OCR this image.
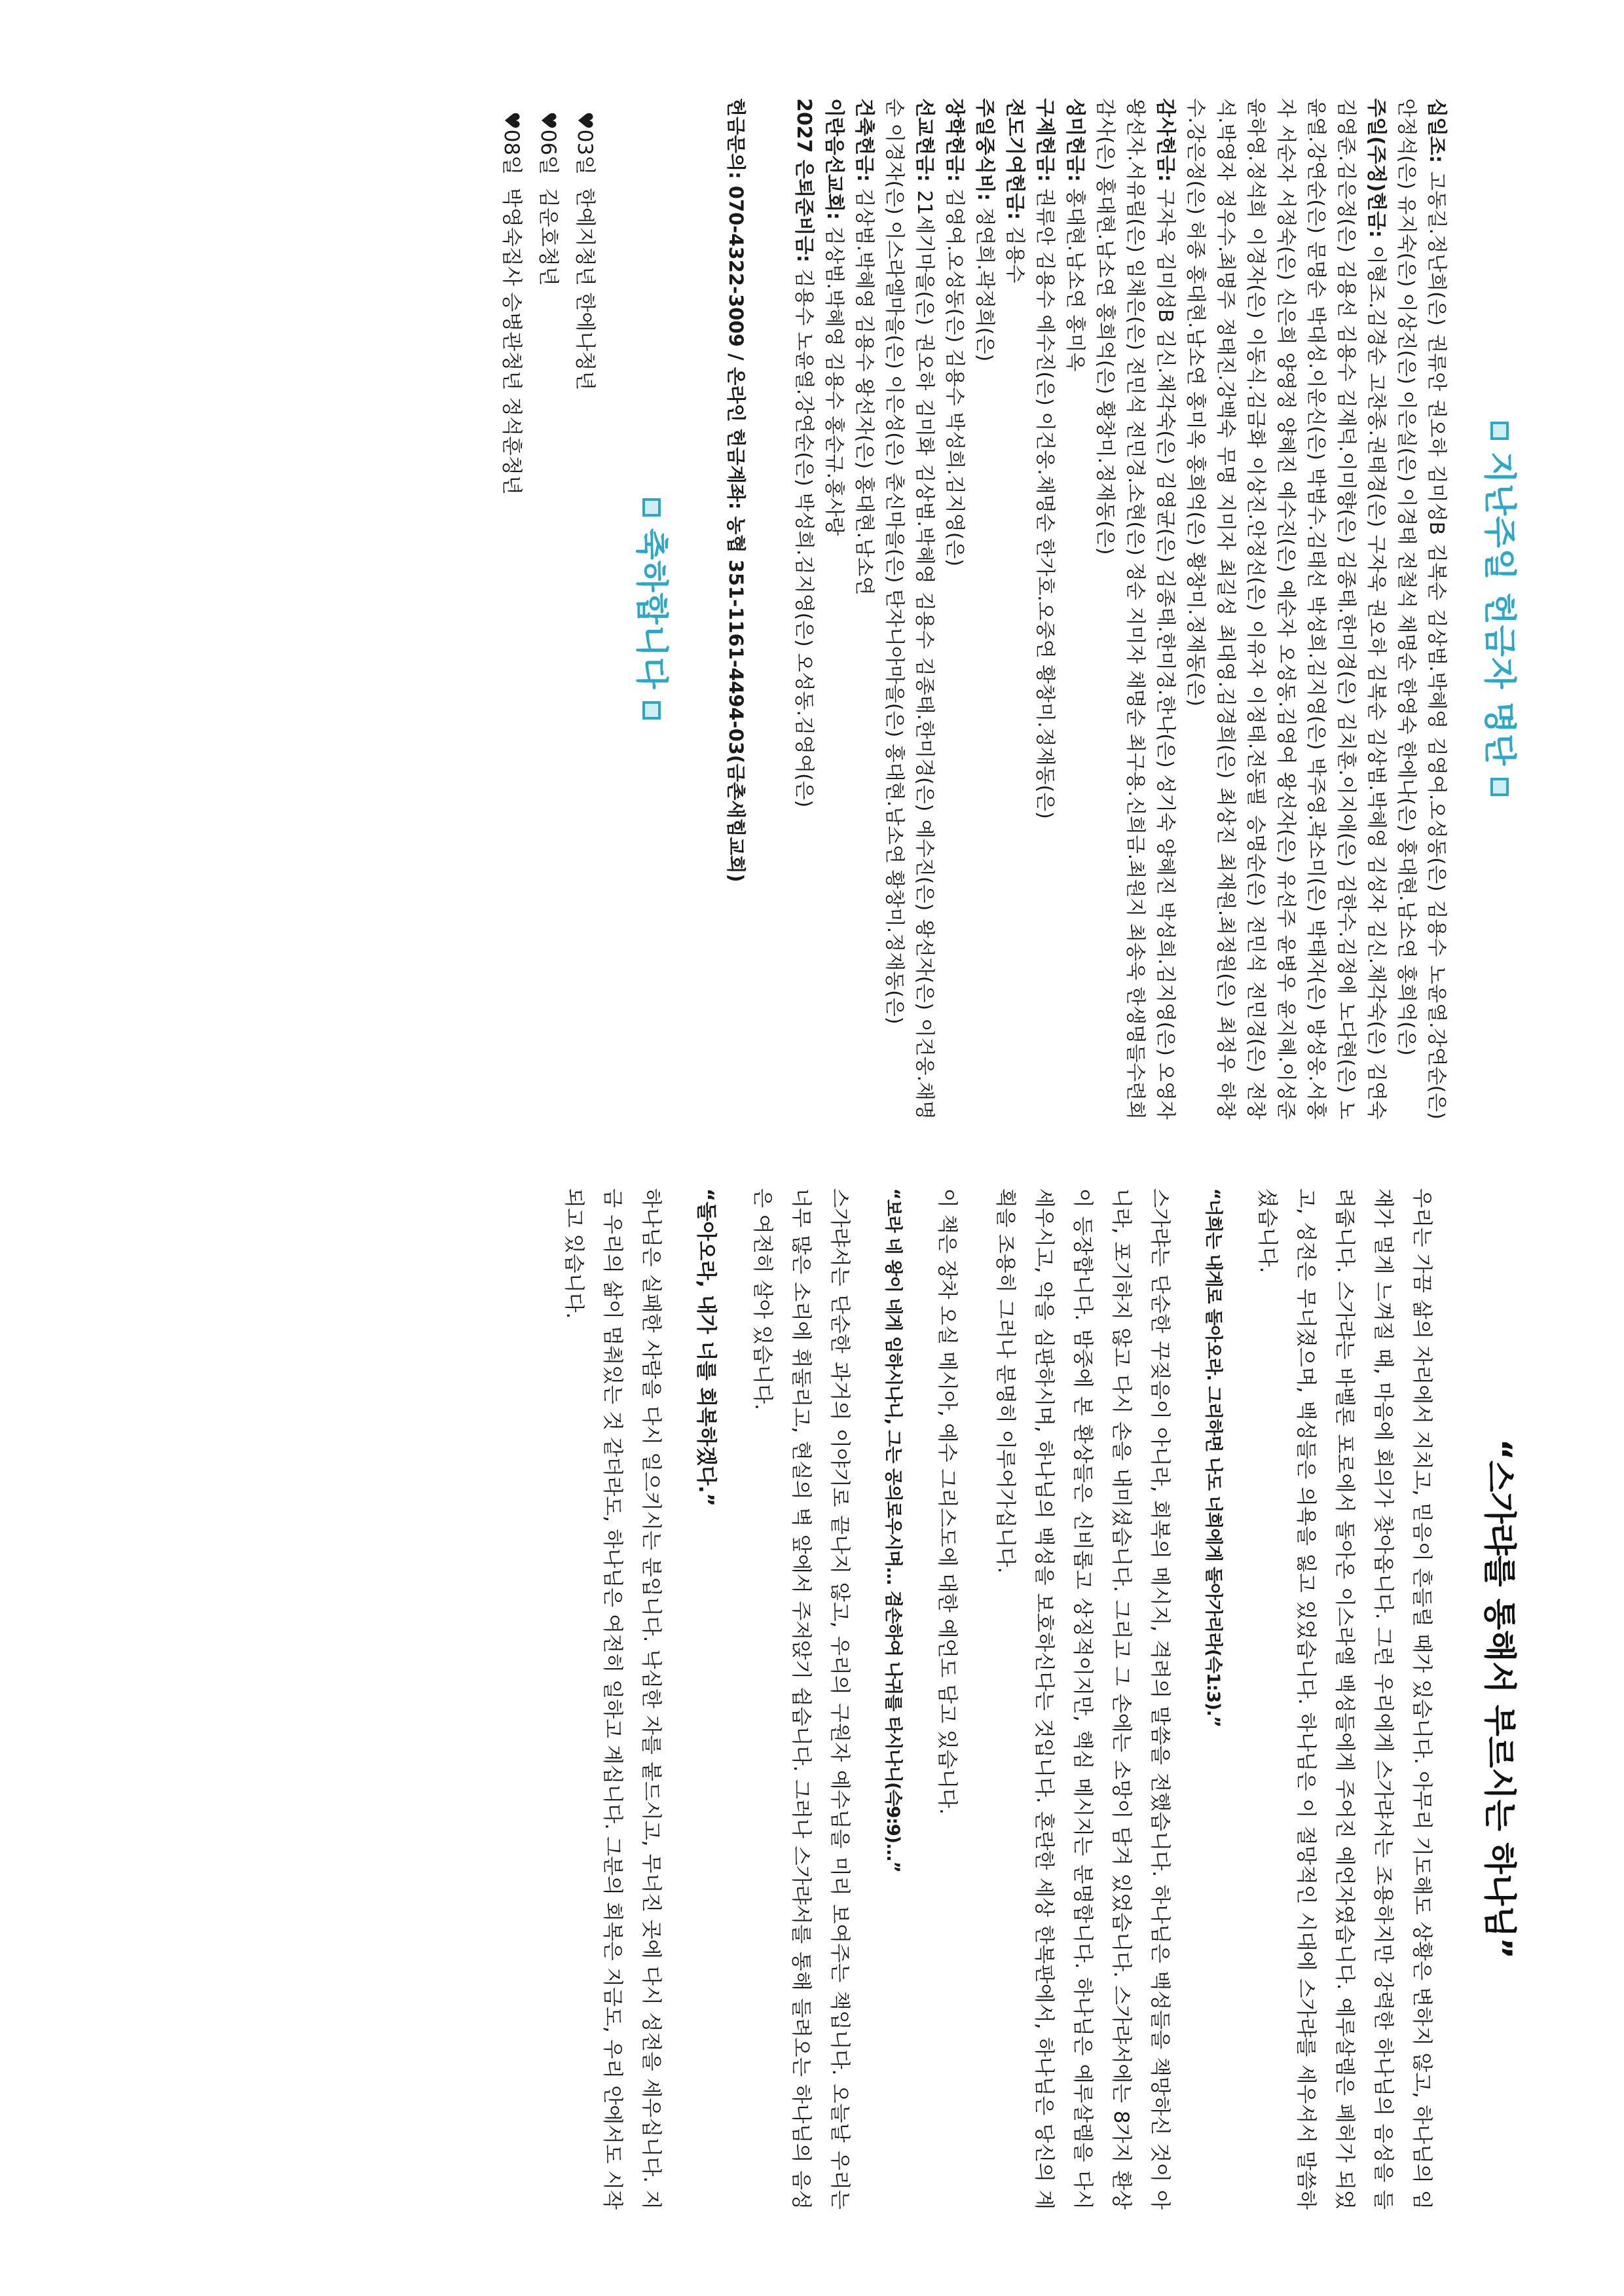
지난주일 헌금자 명단

십일조: 고동길.정난희(은) 권류안 권오하 김미성B 김복순 김상범.박혜영 김영여.오성동(은) 김용수 노윤열.강연순(은) 안정석(은) 유지숙(은) 이상진(은) 이은실(은) 이경태 전철석 채명순 한영숙 한에나(은) 홍대현.남소연 홍희억(은)

주일(주정)헌금: 이형조.김경순 고찬종.권태경(은) 구자욱 권오하 김복순 김상범.박혜영 김성자 김신.채각숙(은) 김연숙 김영준.김은정(은) 김용선 김용수 김재덕.이미향(은) 김종태.한미경(은) 김치훈.이지애(은) 김한수.김정애 노다현(은) 노윤열.강연순(은) 문명순 박대성.이운신(은) 박범수.김태선 박성희.김지영(은) 박주영.곽소미(은) 박태자(은) 방성웅.서홍자 서순자 서정숙(은) 신은희 양영정 양혜진 예수진(은) 예순자 오성동.김영여 왕선자(은) 유선주 윤병우 윤지혜.이성준 윤하영.정석희 이경자(은) 이동식.김금화 이상진.안정선(은) 이유자 이정태.전동필 승명순(은) 전민석 전민경(은) 전창석.박영자 정우수.최명주 정태진.강백숙 무명 지미자 최길성 최대영.김경희(은) 최상진 최재원.최정원(은) 최정우 하창수.강은정(은) 허종 홍대현.남소연 홍미옥 홍희억(은) 황창미.정재동(은)

감사헌금: 구자욱 김미성B 김신.채각숙(은) 김영균(은) 김종태.한미경.한나(은) 성기숙 양혜진 박성희.김지영(은) 오영자 왕선자.서유림(은) 임채은(은) 전민석 전민경.소현(은) 정순 지미자 채명순 최구용.신희금.최원지 최송욱 한생명들수련회감사(은) 홍대현.남소연 홍희억(은) 황창미.정재동(은)

성미헌금: 홍대현.남소연 홍미옥

구제헌금: 권류안 김용수 예수진(은) 이건웅.채명순 한가호.오중연 황창미.정재동(은)

전도기여헌금: 김용수

주일중식비: 정연희.곽정희(은)

장학헌금: 김영여.오성동(은) 김용수 박성희.김지영(은)

선교헌금: 21세기마을(은) 권오하 김미화 김상범.박혜영 김용수 김종태.한미경(은) 예수진(은) 왕선자(은) 이건웅.채명순 이경자(은) 이스라엘마을(은) 이은성(은) 춘신마을(은) 탄자니아마을(은) 홍대현.남소연 황창미.정재동(은)

건축헌금: 김상범.박혜영 김용수 왕선자(은) 홍대현.남소연

이란음선교회: 김상범.박혜영 김용수 홍순규.홍사랑

2027 은퇴준비금: 김용수 노윤열.강연순(은) 박성희.김지영(은) 오성동.김영여(은)

헌금문의: 070-4322-3009 / 온라인 헌금계좌: 농협 351-1161-4494-03(금촌새힘교회)

축하합니다
♥03일  한예지청년 한에나청년
♥06일  김운호청년
♥08일  박영숙집사 승병관청년 정석훈청년
“스가랴를 통해서 부르시는 하나님”

우리는 가끔 삶의 자리에서 지치고, 믿음이 흔들릴 때가 있습니다. 아무리 기도해도 상황은 변하지 않고, 하나님의 임재가 멀게 느껴질 때, 마음에 회의가 찾아옵니다. 그런 우리에게 스가랴서는 조용하지만 강력한 하나님의 음성을 들려줍니다. 스가랴는 바벨론 포로에서 돌아온 이스라엘 백성들에게 주어진 예언자였습니다. 예루살렘은 폐허가 되었고, 성전은 무너졌으며, 백성들은 의욕을 잃고 있었습니다. 하나님은 이 절망적인 시대에 스가랴를 세우셔서 말씀하셨습니다.

“너희는 내게로 돌아오라. 그리하면 나도 너희에게 돌아가리라(슥1:3).”

스가랴는 단순한 꾸짖음이 아니라, 회복의 메시지, 격려의 말씀을 전했습니다. 하나님은 백성들을 책망하신 것이 아니라, 포기하지 않고 다시 손을 내미셨습니다. 그리고 그 손에는 소망이 담겨 있었습니다. 스가랴서에는 8가지 환상이 등장합니다. 밤중에 본 환상들은 신비롭고 상징적이지만, 핵심 메시지는 분명합니다. 하나님은 예루살렘을 다시 세우시고, 악을 심판하시며, 하나님의 백성을 보호하신다는 것입니다. 혼란한 세상 한복판에서, 하나님은 당신의 계획을 조용히 그러나 분명히 이루어가십니다.

이 책은 장차 오실 메시아, 예수 그리스도에 대한 예언도 담고 있습니다.

“보라 네 왕이 네게 임하시나니, 그는 공의로우시며... 겸손하여 나귀를 타시나니(슥9:9)...”

스가랴서는 단순한 과거의 이야기로 끝나지 않고, 우리의 구원자 예수님을 미리 보여주는 책입니다. 오늘날 우리는 너무 많은 소리에 휘둘리고, 현실의 벽 앞에서 주저앉기 쉽습니다. 그러나 스가랴서를 통해 들려오는 하나님의 음성은 여전히 살아 있습니다.

“돌아오라, 내가 너를 회복하겠다.”

하나님은 실패한 사람을 다시 일으키시는 분입니다. 낙심한 자를 붙드시고, 무너진 곳에 다시 성전을 세우십니다. 지금 우리의 삶이 멈춰있는 것 같더라도, 하나님은 여전히 일하고 계십니다. 그분의 회복은 지금도, 우리 안에서도 시작되고 있습니다.
